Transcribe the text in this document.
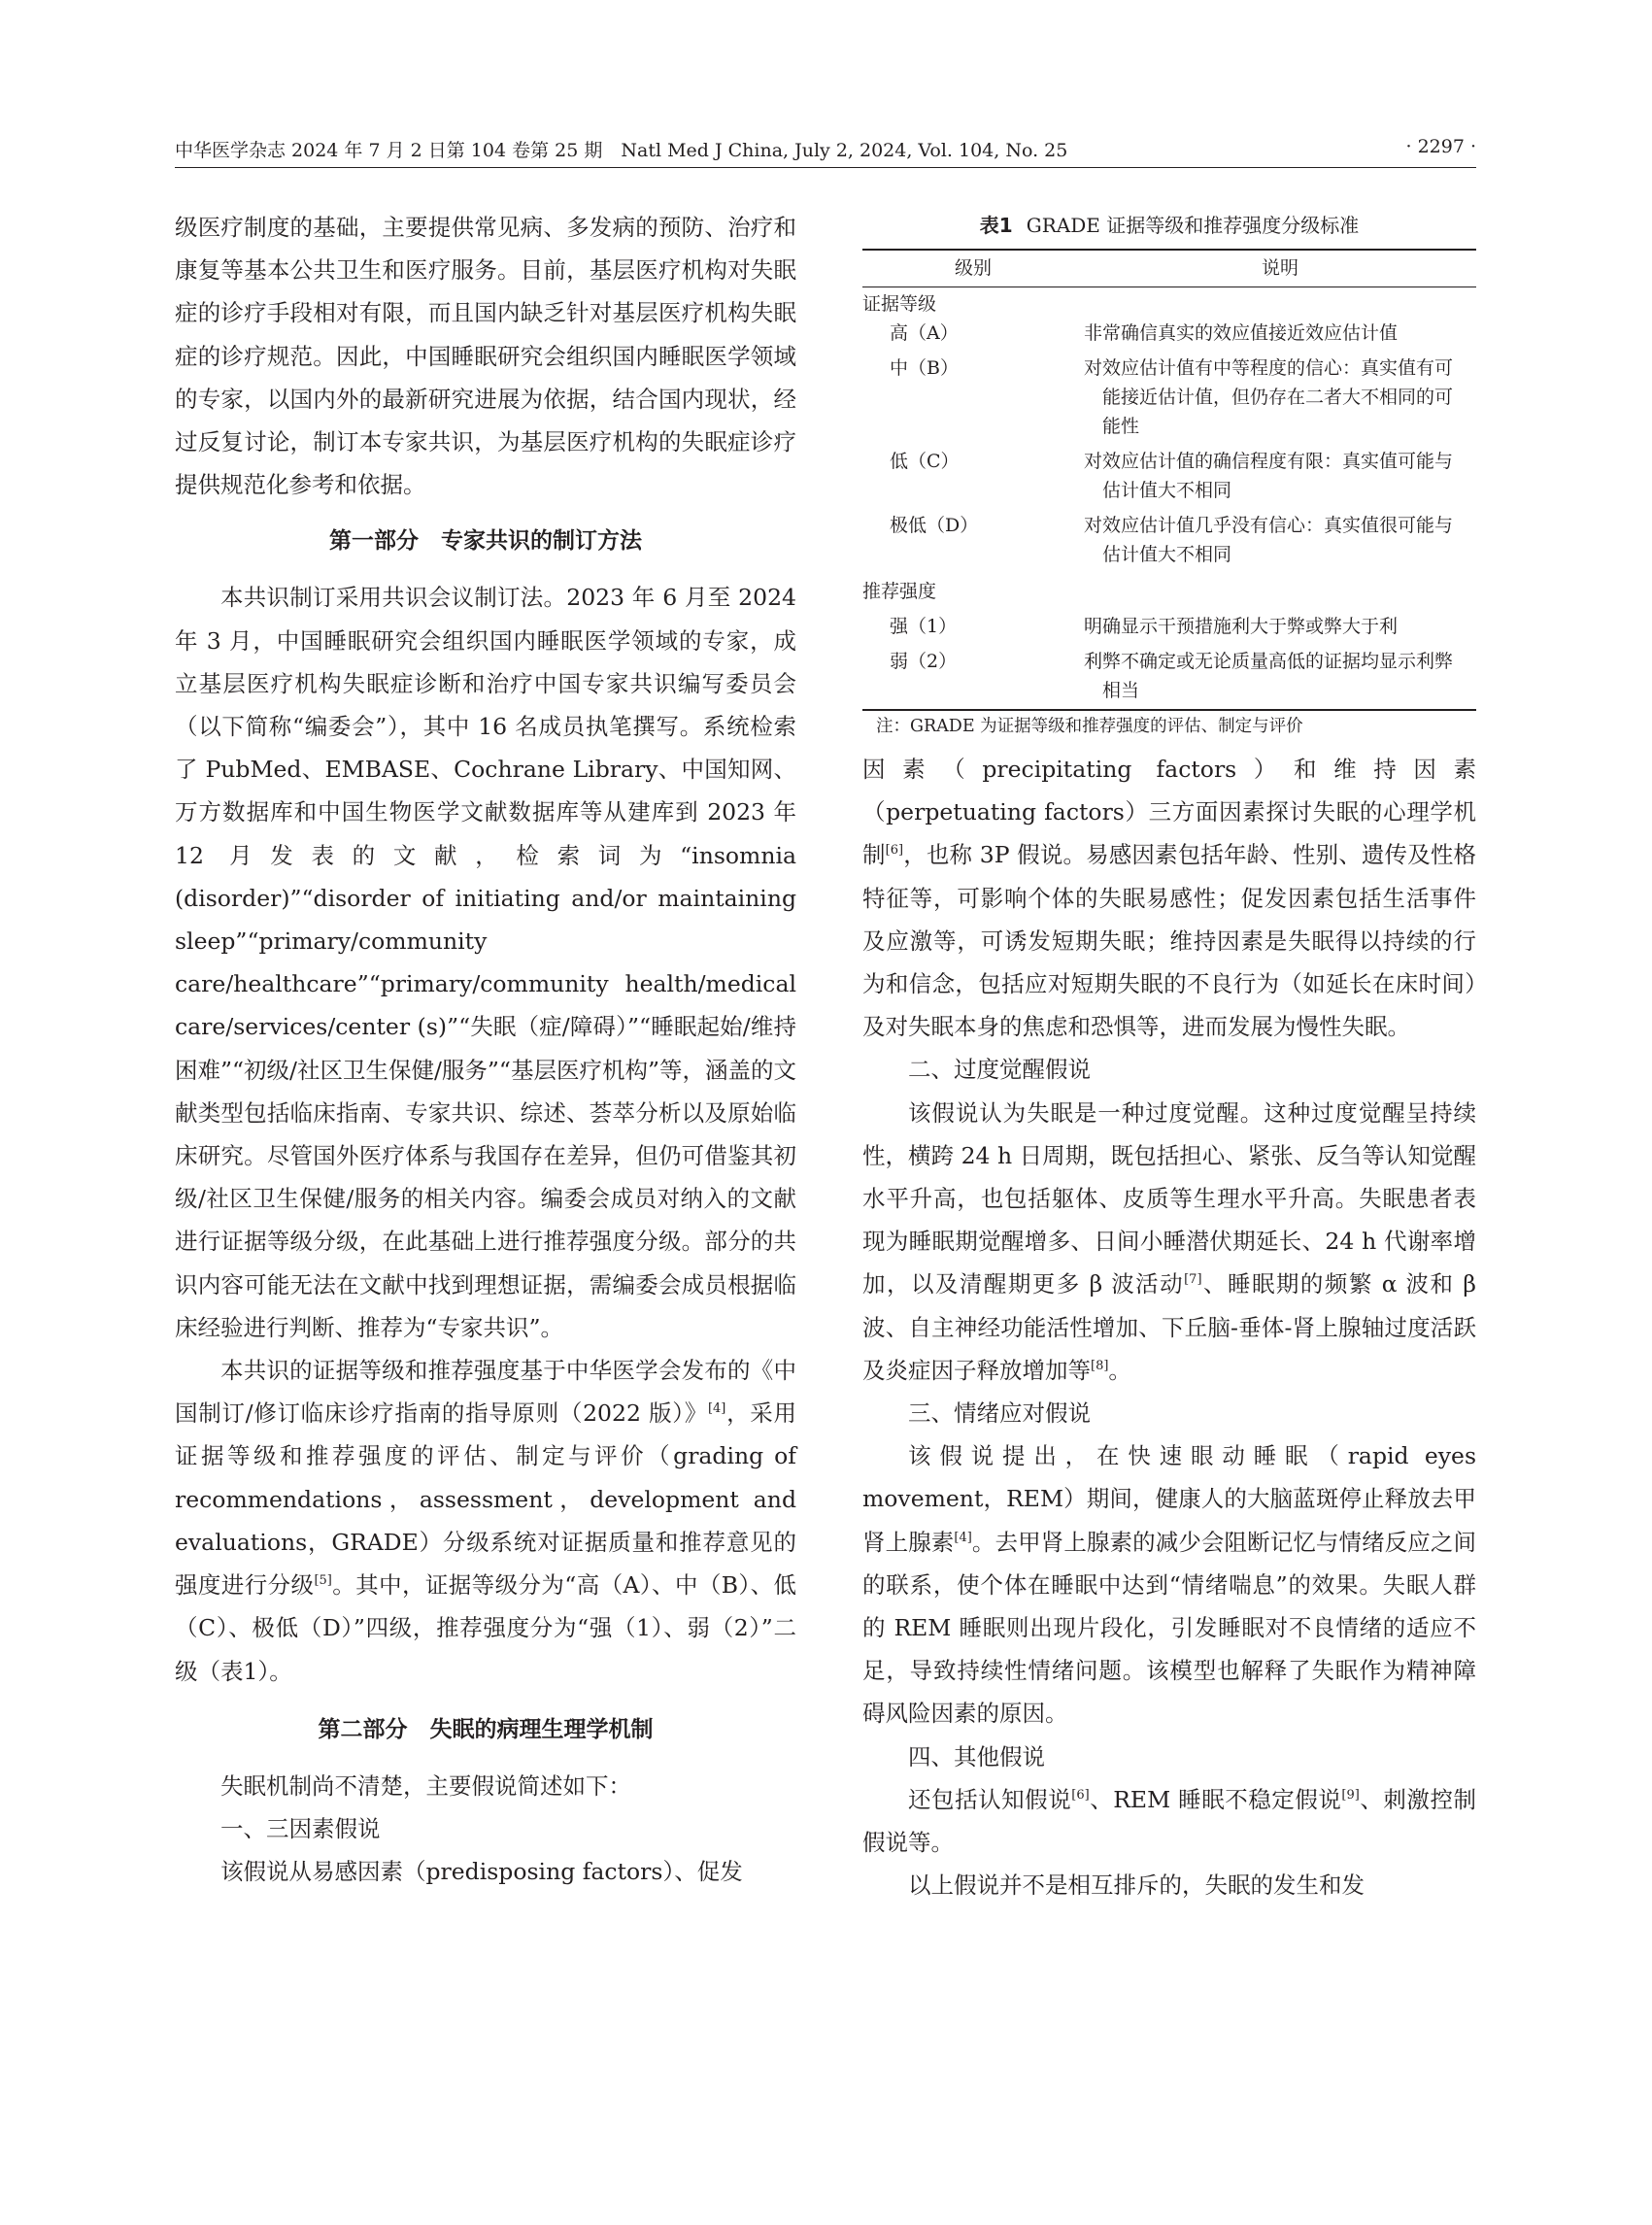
中华医学杂志 2024 年 7 月 2 日第 104 卷第 25 期　Natl Med J China, July 2, 2024, Vol. 104, No. 25	· 2297 ·

级医疗制度的基础，主要提供常见病、多发病的预防、治疗和康复等基本公共卫生和医疗服务。目前，基层医疗机构对失眠症的诊疗手段相对有限，而且国内缺乏针对基层医疗机构失眠症的诊疗规范。因此，中国睡眠研究会组织国内睡眠医学领域的专家，以国内外的最新研究进展为依据，结合国内现状，经过反复讨论，制订本专家共识，为基层医疗机构的失眠症诊疗提供规范化参考和依据。

第一部分　专家共识的制订方法

本共识制订采用共识会议制订法。2023 年 6 月至 2024 年 3 月，中国睡眠研究会组织国内睡眠医学领域的专家，成立基层医疗机构失眠症诊断和治疗中国专家共识编写委员会（以下简称“编委会”），其中 16 名成员执笔撰写。系统检索了 PubMed、EMBASE、Cochrane Library、中国知网、万方数据库和中国生物医学文献数据库等从建库到 2023 年 12 月发表的文献，检索词为“insomnia (disorder)”“disorder of initiating and/or maintaining sleep”“primary/community care/healthcare”“primary/community health/medical care/services/center (s)”“失眠（症/障碍）”“睡眠起始/维持困难”“初级/社区卫生保健/服务”“基层医疗机构”等，涵盖的文献类型包括临床指南、专家共识、综述、荟萃分析以及原始临床研究。尽管国外医疗体系与我国存在差异，但仍可借鉴其初级/社区卫生保健/服务的相关内容。编委会成员对纳入的文献进行证据等级分级，在此基础上进行推荐强度分级。部分的共识内容可能无法在文献中找到理想证据，需编委会成员根据临床经验进行判断、推荐为“专家共识”。

本共识的证据等级和推荐强度基于中华医学会发布的《中国制订/修订临床诊疗指南的指导原则（2022 版）》[4]，采用证据等级和推荐强度的评估、制定与评价（grading of recommendations，assessment，development and evaluations，GRADE）分级系统对证据质量和推荐意见的强度进行分级[5]。其中，证据等级分为“高（A）、中（B）、低（C）、极低（D）”四级，推荐强度分为“强（1）、弱（2）”二级（表1）。

第二部分　失眠的病理生理学机制

失眠机制尚不清楚，主要假说简述如下：

一、三因素假说

该假说从易感因素（predisposing factors）、促发

表1 GRADE 证据等级和推荐强度分级标准
级别	说明
证据等级	
高（A）	非常确信真实的效应值接近效应估计值

中（B）	对效应估计值有中等程度的信心：真实值有可能接近估计值，但仍存在二者大不相同的可能性

低（C）	对效应估计值的确信程度有限：真实值可能与估计值大不相同

极低（D）	对效应估计值几乎没有信心：真实值很可能与估计值大不相同

推荐强度	

强（1）	明确显示干预措施利大于弊或弊大于利

弱（2）	利弊不确定或无论质量高低的证据均显示利弊相当
注：GRADE 为证据等级和推荐强度的评估、制定与评价

因素（precipitating factors）和维持因素（perpetuating factors）三方面因素探讨失眠的心理学机制[6]，也称 3P 假说。易感因素包括年龄、性别、遗传及性格特征等，可影响个体的失眠易感性；促发因素包括生活事件及应激等，可诱发短期失眠；维持因素是失眠得以持续的行为和信念，包括应对短期失眠的不良行为（如延长在床时间）及对失眠本身的焦虑和恐惧等，进而发展为慢性失眠。

二、过度觉醒假说

该假说认为失眠是一种过度觉醒。这种过度觉醒呈持续性，横跨 24 h 日周期，既包括担心、紧张、反刍等认知觉醒水平升高，也包括躯体、皮质等生理水平升高。失眠患者表现为睡眠期觉醒增多、日间小睡潜伏期延长、24 h 代谢率增加，以及清醒期更多 β 波活动[7]、睡眠期的频繁 α 波和 β 波、自主神经功能活性增加、下丘脑-垂体-肾上腺轴过度活跃及炎症因子释放增加等[8]。

三、情绪应对假说

该假说提出，在快速眼动睡眠（rapid eyes movement，REM）期间，健康人的大脑蓝斑停止释放去甲肾上腺素[4]。去甲肾上腺素的减少会阻断记忆与情绪反应之间的联系，使个体在睡眠中达到“情绪喘息”的效果。失眠人群的 REM 睡眠则出现片段化，引发睡眠对不良情绪的适应不足，导致持续性情绪问题。该模型也解释了失眠作为精神障碍风险因素的原因。

四、其他假说

还包括认知假说[6]、REM 睡眠不稳定假说[9]、刺激控制假说等。

以上假说并不是相互排斥的，失眠的发生和发
